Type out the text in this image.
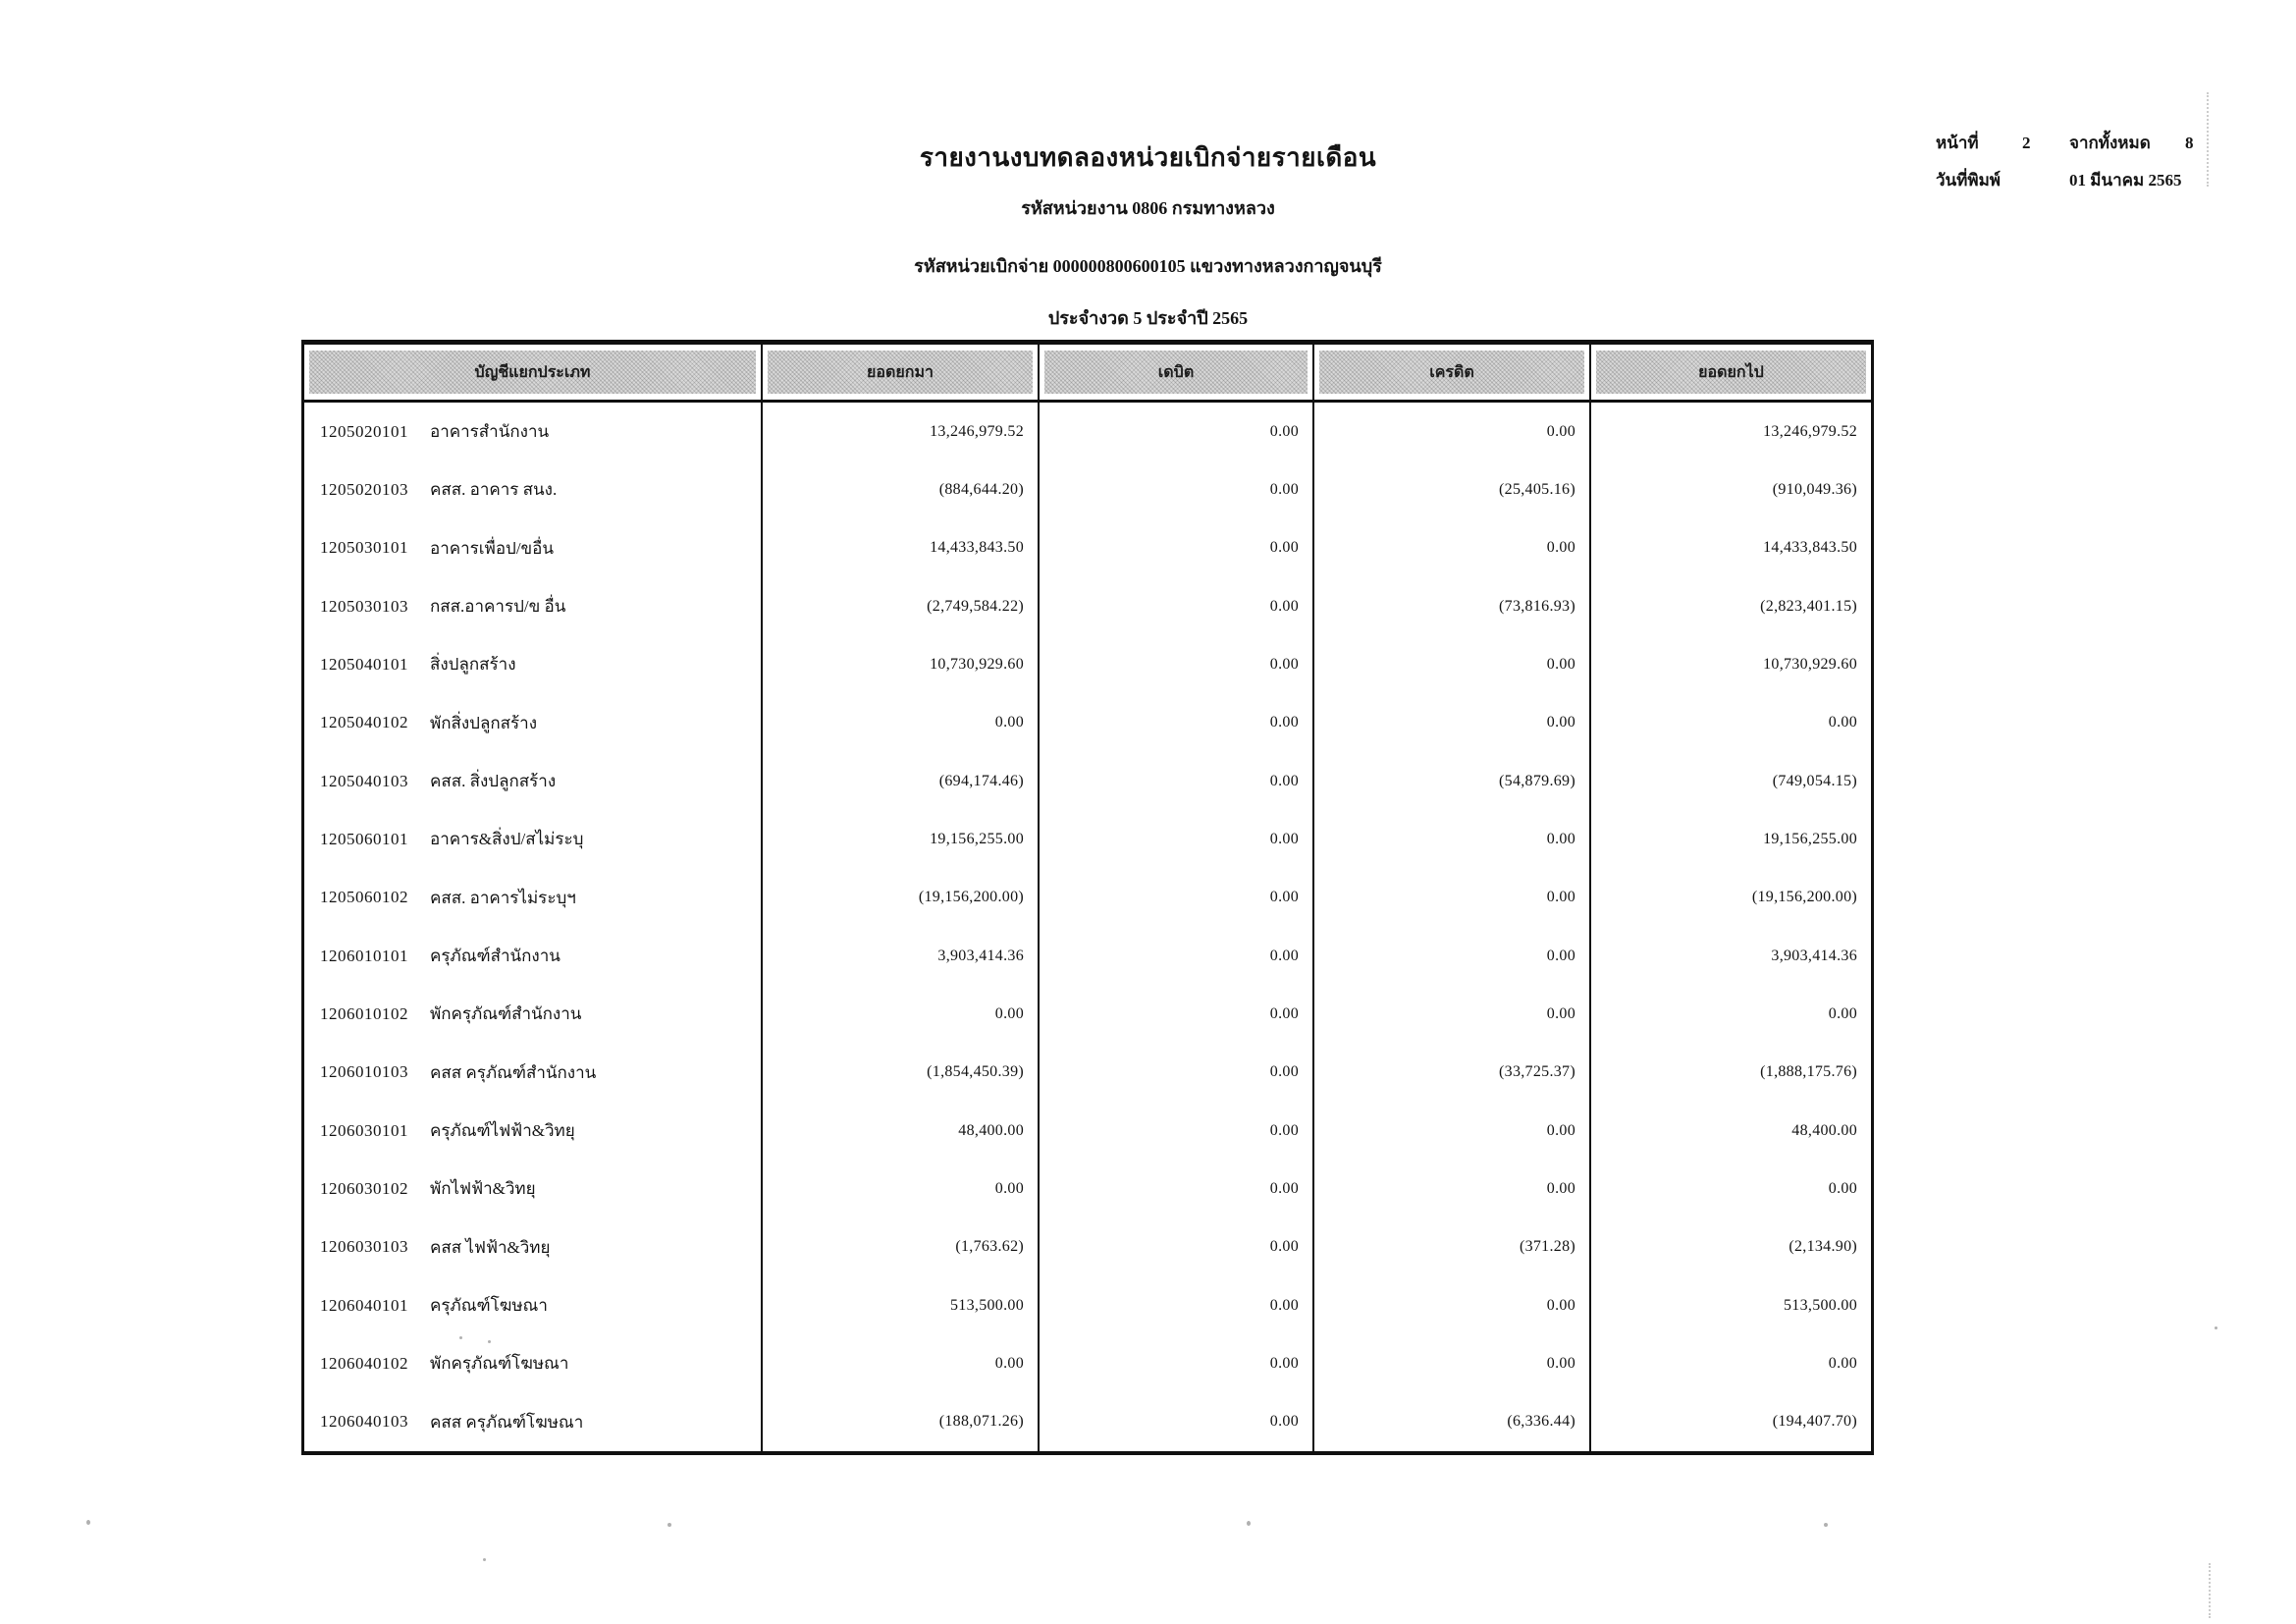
หน้าที่	2	จากทั้งหมด	8
วันที่พิมพ์	01 มีนาคม 2565
รายงานงบทดลองหน่วยเบิกจ่ายรายเดือน
รหัสหน่วยงาน 0806 กรมทางหลวง
รหัสหน่วยเบิกจ่าย 000000800600105 แขวงทางหลวงกาญจนบุรี
ประจำงวด 5 ประจำปี 2565
บัญชีแยกประเภท	ยอดยกมา	เดบิต	เครดิต	ยอดยกไป
1205020101	อาคารสำนักงาน	13,246,979.52	0.00	0.00	13,246,979.52
1205020103	คสส. อาคาร สนง.	(884,644.20)	0.00	(25,405.16)	(910,049.36)
1205030101	อาคารเพื่อป/ขอื่น	14,433,843.50	0.00	0.00	14,433,843.50
1205030103	กสส.อาคารป/ข อื่น	(2,749,584.22)	0.00	(73,816.93)	(2,823,401.15)
1205040101	สิ่งปลูกสร้าง	10,730,929.60	0.00	0.00	10,730,929.60
1205040102	พักสิ่งปลูกสร้าง	0.00	0.00	0.00	0.00
1205040103	คสส. สิ่งปลูกสร้าง	(694,174.46)	0.00	(54,879.69)	(749,054.15)
1205060101	อาคาร&สิ่งป/สไม่ระบุ	19,156,255.00	0.00	0.00	19,156,255.00
1205060102	คสส. อาคารไม่ระบุฯ	(19,156,200.00)	0.00	0.00	(19,156,200.00)
1206010101	ครุภัณฑ์สำนักงาน	3,903,414.36	0.00	0.00	3,903,414.36
1206010102	พักครุภัณฑ์สำนักงาน	0.00	0.00	0.00	0.00
1206010103	คสส ครุภัณฑ์สำนักงาน	(1,854,450.39)	0.00	(33,725.37)	(1,888,175.76)
1206030101	ครุภัณฑ์ไฟฟ้า&วิทยุ	48,400.00	0.00	0.00	48,400.00
1206030102	พักไฟฟ้า&วิทยุ	0.00	0.00	0.00	0.00
1206030103	คสส ไฟฟ้า&วิทยุ	(1,763.62)	0.00	(371.28)	(2,134.90)
1206040101	ครุภัณฑ์โฆษณา	513,500.00	0.00	0.00	513,500.00
1206040102	พักครุภัณฑ์โฆษณา	0.00	0.00	0.00	0.00
1206040103	คสส ครุภัณฑ์โฆษณา	(188,071.26)	0.00	(6,336.44)	(194,407.70)
